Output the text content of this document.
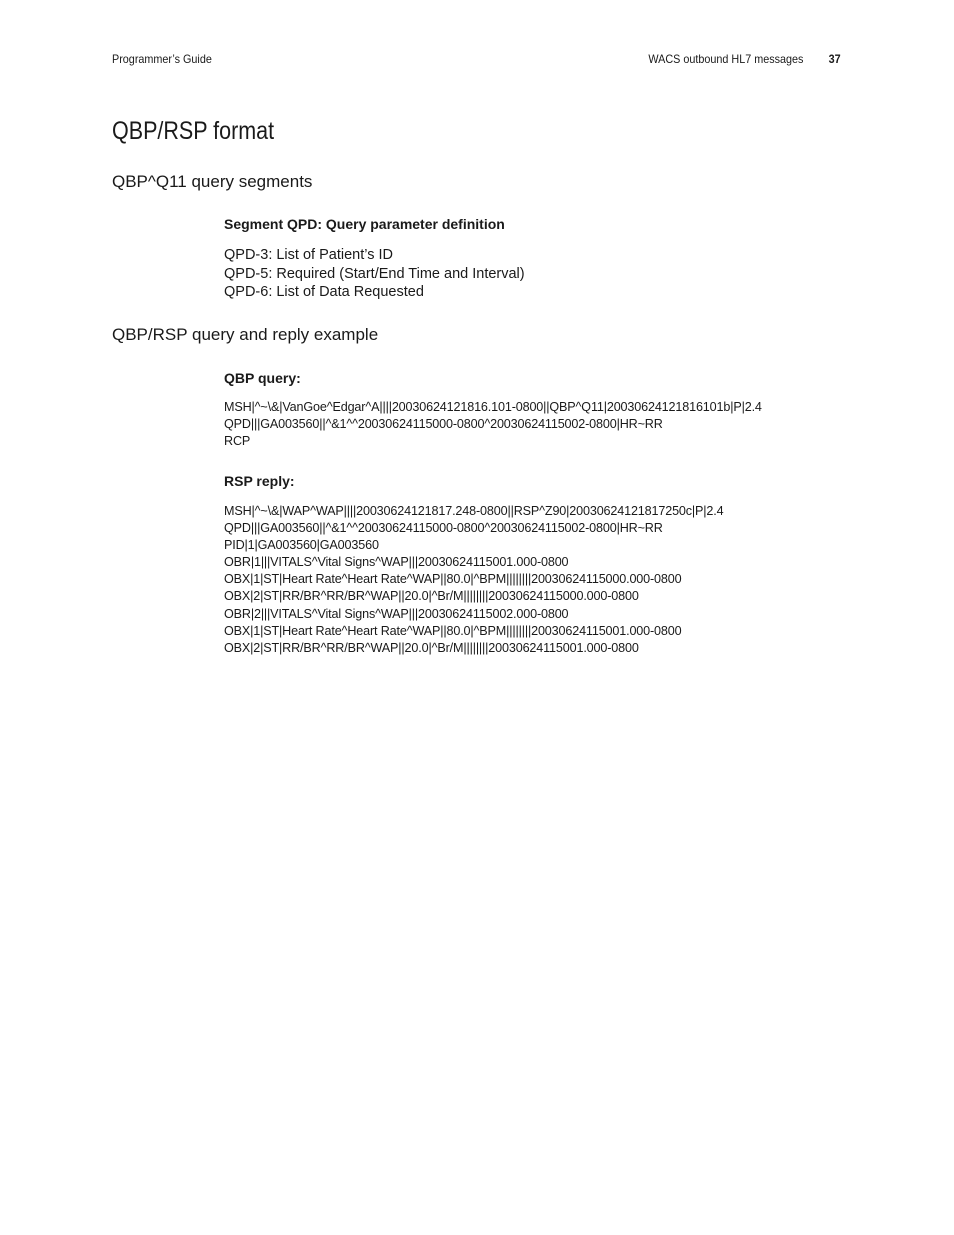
Programmer’s Guide	WACS outbound HL7 messages 37
QBP/RSP format
QBP^Q11 query segments
Segment QPD: Query parameter definition
QPD-3: List of Patient’s ID
QPD-5: Required (Start/End Time and Interval)
QPD-6: List of Data Requested
QBP/RSP query and reply example
QBP query:
MSH|^~\&|VanGoe^Edgar^A||||20030624121816.101-0800||QBP^Q11|20030624121816101b|P|2.4
QPD|||GA003560||^&1^^20030624115000-0800^20030624115002-0800|HR~RR
RCP
RSP reply:
MSH|^~\&|WAP^WAP||||20030624121817.248-0800||RSP^Z90|20030624121817250c|P|2.4
QPD|||GA003560||^&1^^20030624115000-0800^20030624115002-0800|HR~RR
PID|1|GA003560|GA003560
OBR|1|||VITALS^Vital Signs^WAP|||20030624115001.000-0800
OBX|1|ST|Heart Rate^Heart Rate^WAP||80.0|^BPM||||||||20030624115000.000-0800
OBX|2|ST|RR/BR^RR/BR^WAP||20.0|^Br/M||||||||20030624115000.000-0800
OBR|2|||VITALS^Vital Signs^WAP|||20030624115002.000-0800
OBX|1|ST|Heart Rate^Heart Rate^WAP||80.0|^BPM||||||||20030624115001.000-0800
OBX|2|ST|RR/BR^RR/BR^WAP||20.0|^Br/M||||||||20030624115001.000-0800
